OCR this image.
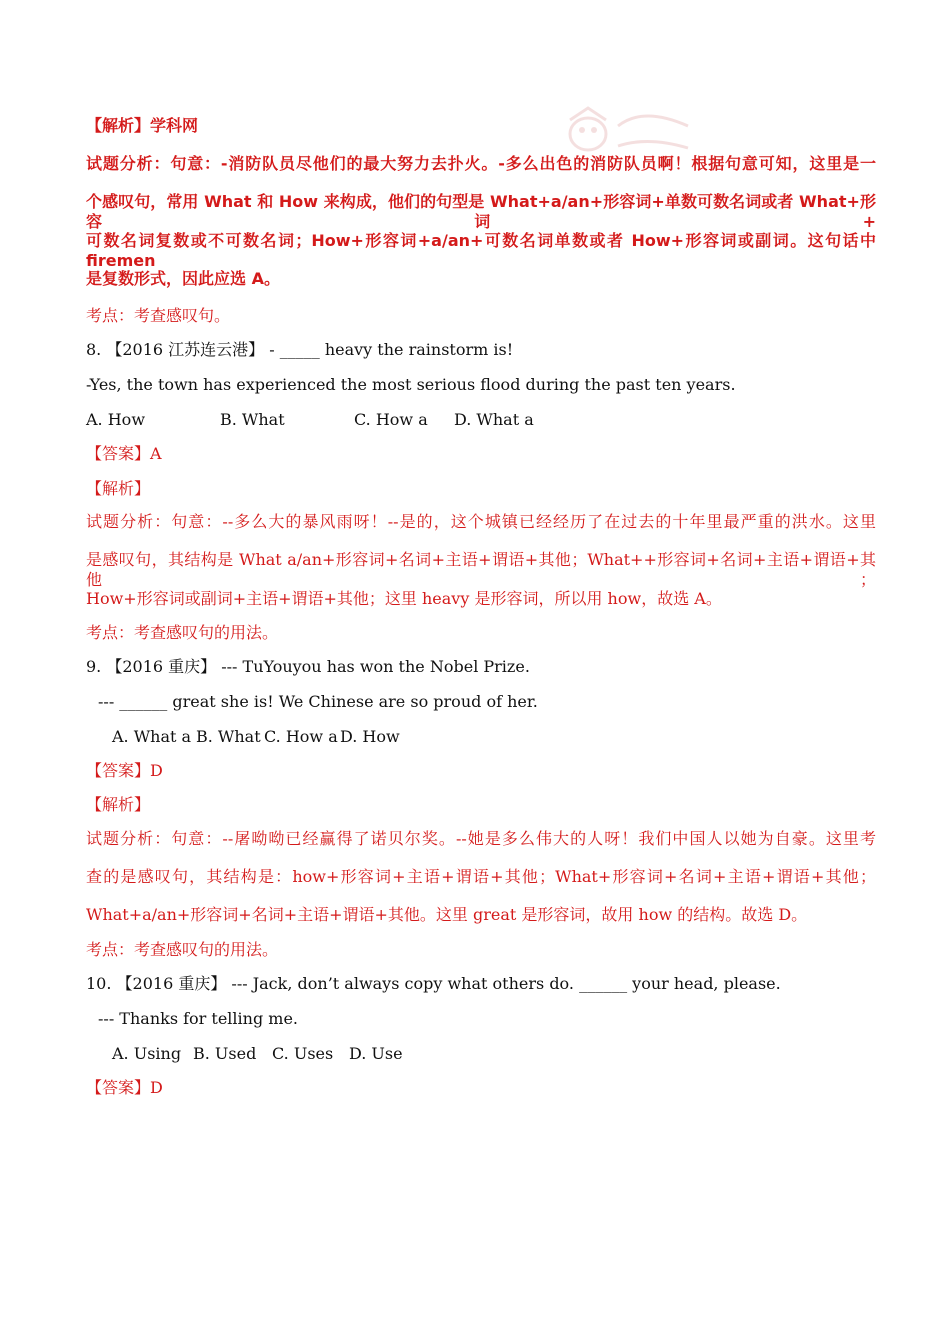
【解析】学科网
试题分析：句意：-消防队员尽他们的最大努力去扑火。-多么出色的消防队员啊！根据句意可知，这里是一
个感叹句，常用 What 和 How 来构成，他们的句型是 What+a/an+形容词+单数可数名词或者 What+形容词+
可数名词复数或不可数名词；How+形容词+a/an+可数名词单数或者 How+形容词或副词。这句话中 firemen
是复数形式，因此应选 A。
考点：考查感叹句。
8. 【2016 江苏连云港】 - _____ heavy the rainstorm is!
-Yes, the town has experienced the most serious flood during the past ten years.
A. How	B. What	C. How a D. What a
【答案】A
【解析】
试题分析：句意：--多么大的暴风雨呀！--是的，这个城镇已经经历了在过去的十年里最严重的洪水。这里
是感叹句，其结构是 What a/an+形容词+名词+主语+谓语+其他；What++形容词+名词+主语+谓语+其他；
How+形容词或副词+主语+谓语+其他；这里 heavy 是形容词，所以用 how，故选 A。
考点：考查感叹句的用法。
9. 【2016 重庆】 --- TuYouyou has won the Nobel Prize.
--- ______ great she is! We Chinese are so proud of her.
A. What a B. What C. How a D. How
【答案】D
【解析】
试题分析：句意：--屠呦呦已经赢得了诺贝尔奖。--她是多么伟大的人呀！我们中国人以她为自豪。这里考
查的是感叹句，其结构是：how+形容词+主语+谓语+其他；What+形容词+名词+主语+谓语+其他；
What+a/an+形容词+名词+主语+谓语+其他。这里 great 是形容词，故用 how 的结构。故选 D。
考点：考查感叹句的用法。
10. 【2016 重庆】 --- Jack, don’t always copy what others do. ______ your head, please.
--- Thanks for telling me.
A. Using B. Used C. Uses D. Use
【答案】D
